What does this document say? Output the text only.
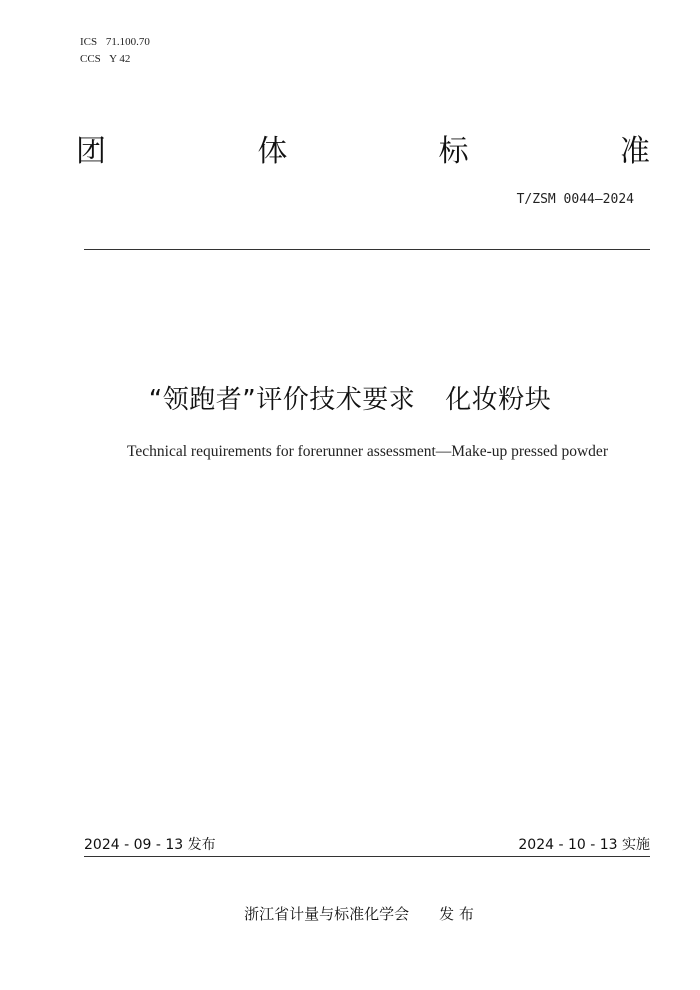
ICS 71.100.70
CCS Y 42
团	体	标	准
T/ZSM 0044—2024
“领跑者”评价技术要求 化妆粉块
Technical requirements for forerunner assessment—Make-up pressed powder
2024 - 09 - 13 发布	2024 - 10 - 13 实施
浙江省计量与标准化学会 发 布
